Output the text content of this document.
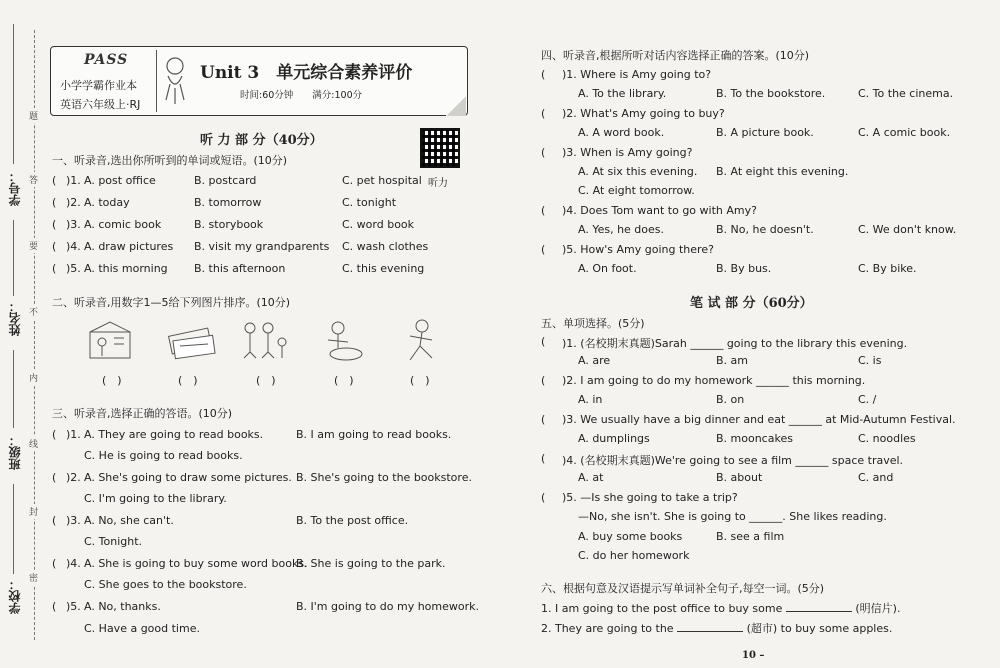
学号：
姓名：
班级：
学校：
题
答
要
不
内
线
封
密
PASS
小学学霸作业本
英语六年级上·RJ
Unit 3　单元综合素养评价
时间:60分钟　　满分:100分
听 力 部 分（40分）
听力
一、听录音,选出你所听到的单词或短语。(10分)
( )1. A. post office	B. postcard	C. pet hospital
( )2. A. today	B. tomorrow	C. tonight
( )3. A. comic book	B. storybook	C. word book
( )4. A. draw pictures B. visit my grandparents C. wash clothes
( )5. A. this morning B. this afternoon	C. this evening
二、听录音,用数字1—5给下列图片排序。(10分)
(　)	(　)	(　)	(　)	(　)
三、听录音,选择正确的答语。(10分)
( )1. A. They are going to read books.	B. I am going to read books.
C. He is going to read books.
( )2. A. She's going to draw some pictures. B. She's going to the bookstore.
C. I'm going to the library.
( )3. A. No, she can't.	B. To the post office.
C. Tonight.
( )4. A. She is going to buy some word books.
B. She is going to the park.
C. She goes to the bookstore.
( )5. A. No, thanks.	B. I'm going to do my homework.
C. Have a good time.
四、听录音,根据所听对话内容选择正确的答案。(10分)
( )1. Where is Amy going to?
A. To the library.	B. To the bookstore.	C. To the cinema.
( )2. What's Amy going to buy?
A. A word book.	B. A picture book.	C. A comic book.
( )3. When is Amy going?
A. At six this evening. B. At eight this evening.
C. At eight tomorrow.
( )4. Does Tom want to go with Amy?
A. Yes, he does.	B. No, he doesn't.	C. We don't know.
( )5. How's Amy going there?
A. On foot.	B. By bus.	C. By bike.
笔 试 部 分（60分）
五、单项选择。(5分)
( )1. (名校期末真题)Sarah ______ going to the library this evening.
A. are	B. am	C. is
( )2. I am going to do my homework ______ this morning.
A. in	B. on	C. /
( )3. We usually have a big dinner and eat ______ at Mid-Autumn Festival.
A. dumplings	B. mooncakes	C. noodles
( )4. (名校期末真题)We're going to see a film ______ space travel.
A. at	B. about	C. and
( )5. —Is she going to take a trip?
—No, she isn't. She is going to ______. She likes reading.
A. buy some books	B. see a film
C. do her homework
六、根据句意及汉语提示写单词补全句子,每空一词。(5分)
1. I am going to the post office to buy some	(明信片).
2. They are going to the	(超市) to buy some apples.
10 –
